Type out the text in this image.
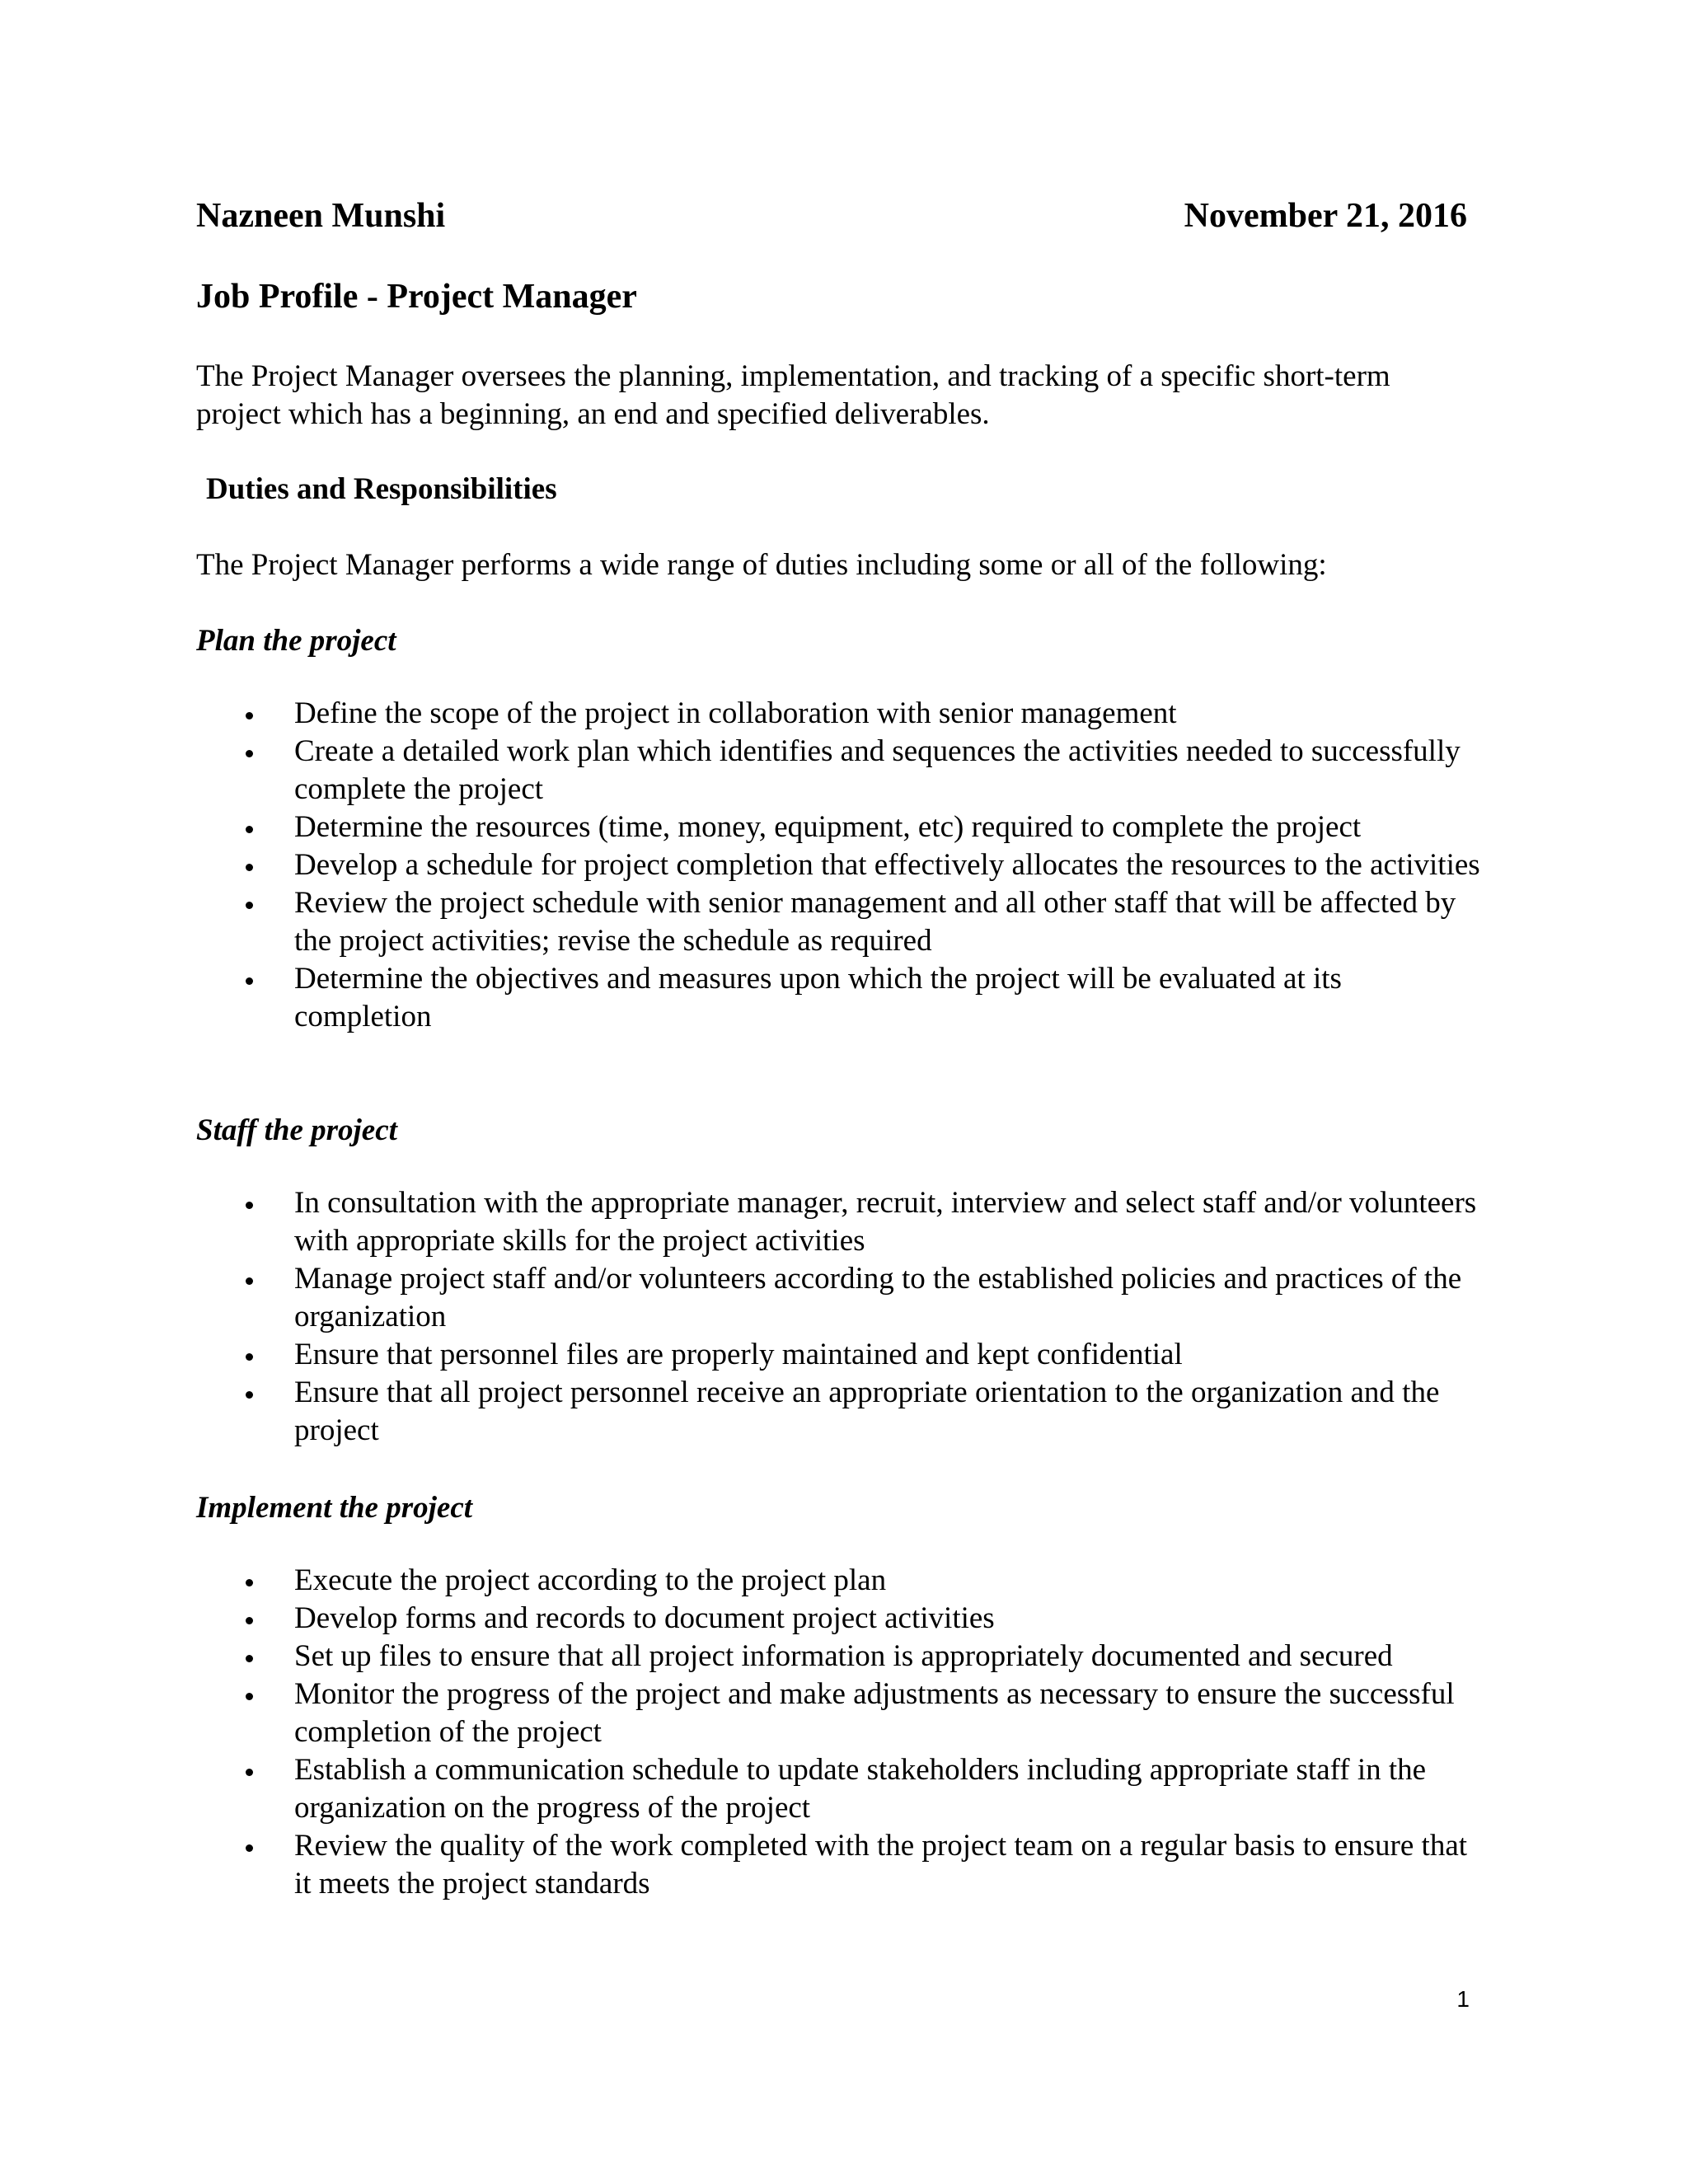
Nazneen Munshi	November 21, 2016
Job Profile - Project Manager
The Project Manager oversees the planning, implementation, and tracking of a specific short-term project which has a beginning, an end and specified deliverables.
Duties and Responsibilities
The Project Manager performs a wide range of duties including some or all of the following:
Plan the project
Define the scope of the project in collaboration with senior management
Create a detailed work plan which identifies and sequences the activities needed to successfully complete the project
Determine the resources (time, money, equipment, etc) required to complete the project
Develop a schedule for project completion that effectively allocates the resources to the activities
Review the project schedule with senior management and all other staff that will be affected by the project activities; revise the schedule as required
Determine the objectives and measures upon which the project will be evaluated at its completion
Staff the project
In consultation with the appropriate manager, recruit, interview and select staff and/or volunteers with appropriate skills for the project activities
Manage project staff and/or volunteers according to the established policies and practices of the organization
Ensure that personnel files are properly maintained and kept confidential
Ensure that all project personnel receive an appropriate orientation to the organization and the project
Implement the project
Execute the project according to the project plan
Develop forms and records to document project activities
Set up files to ensure that all project information is appropriately documented and secured
Monitor the progress of the project and make adjustments as necessary to ensure the successful completion of the project
Establish a communication schedule to update stakeholders including appropriate staff in the organization on the progress of the project
Review the quality of the work completed with the project team on a regular basis to ensure that it meets the project standards
1
